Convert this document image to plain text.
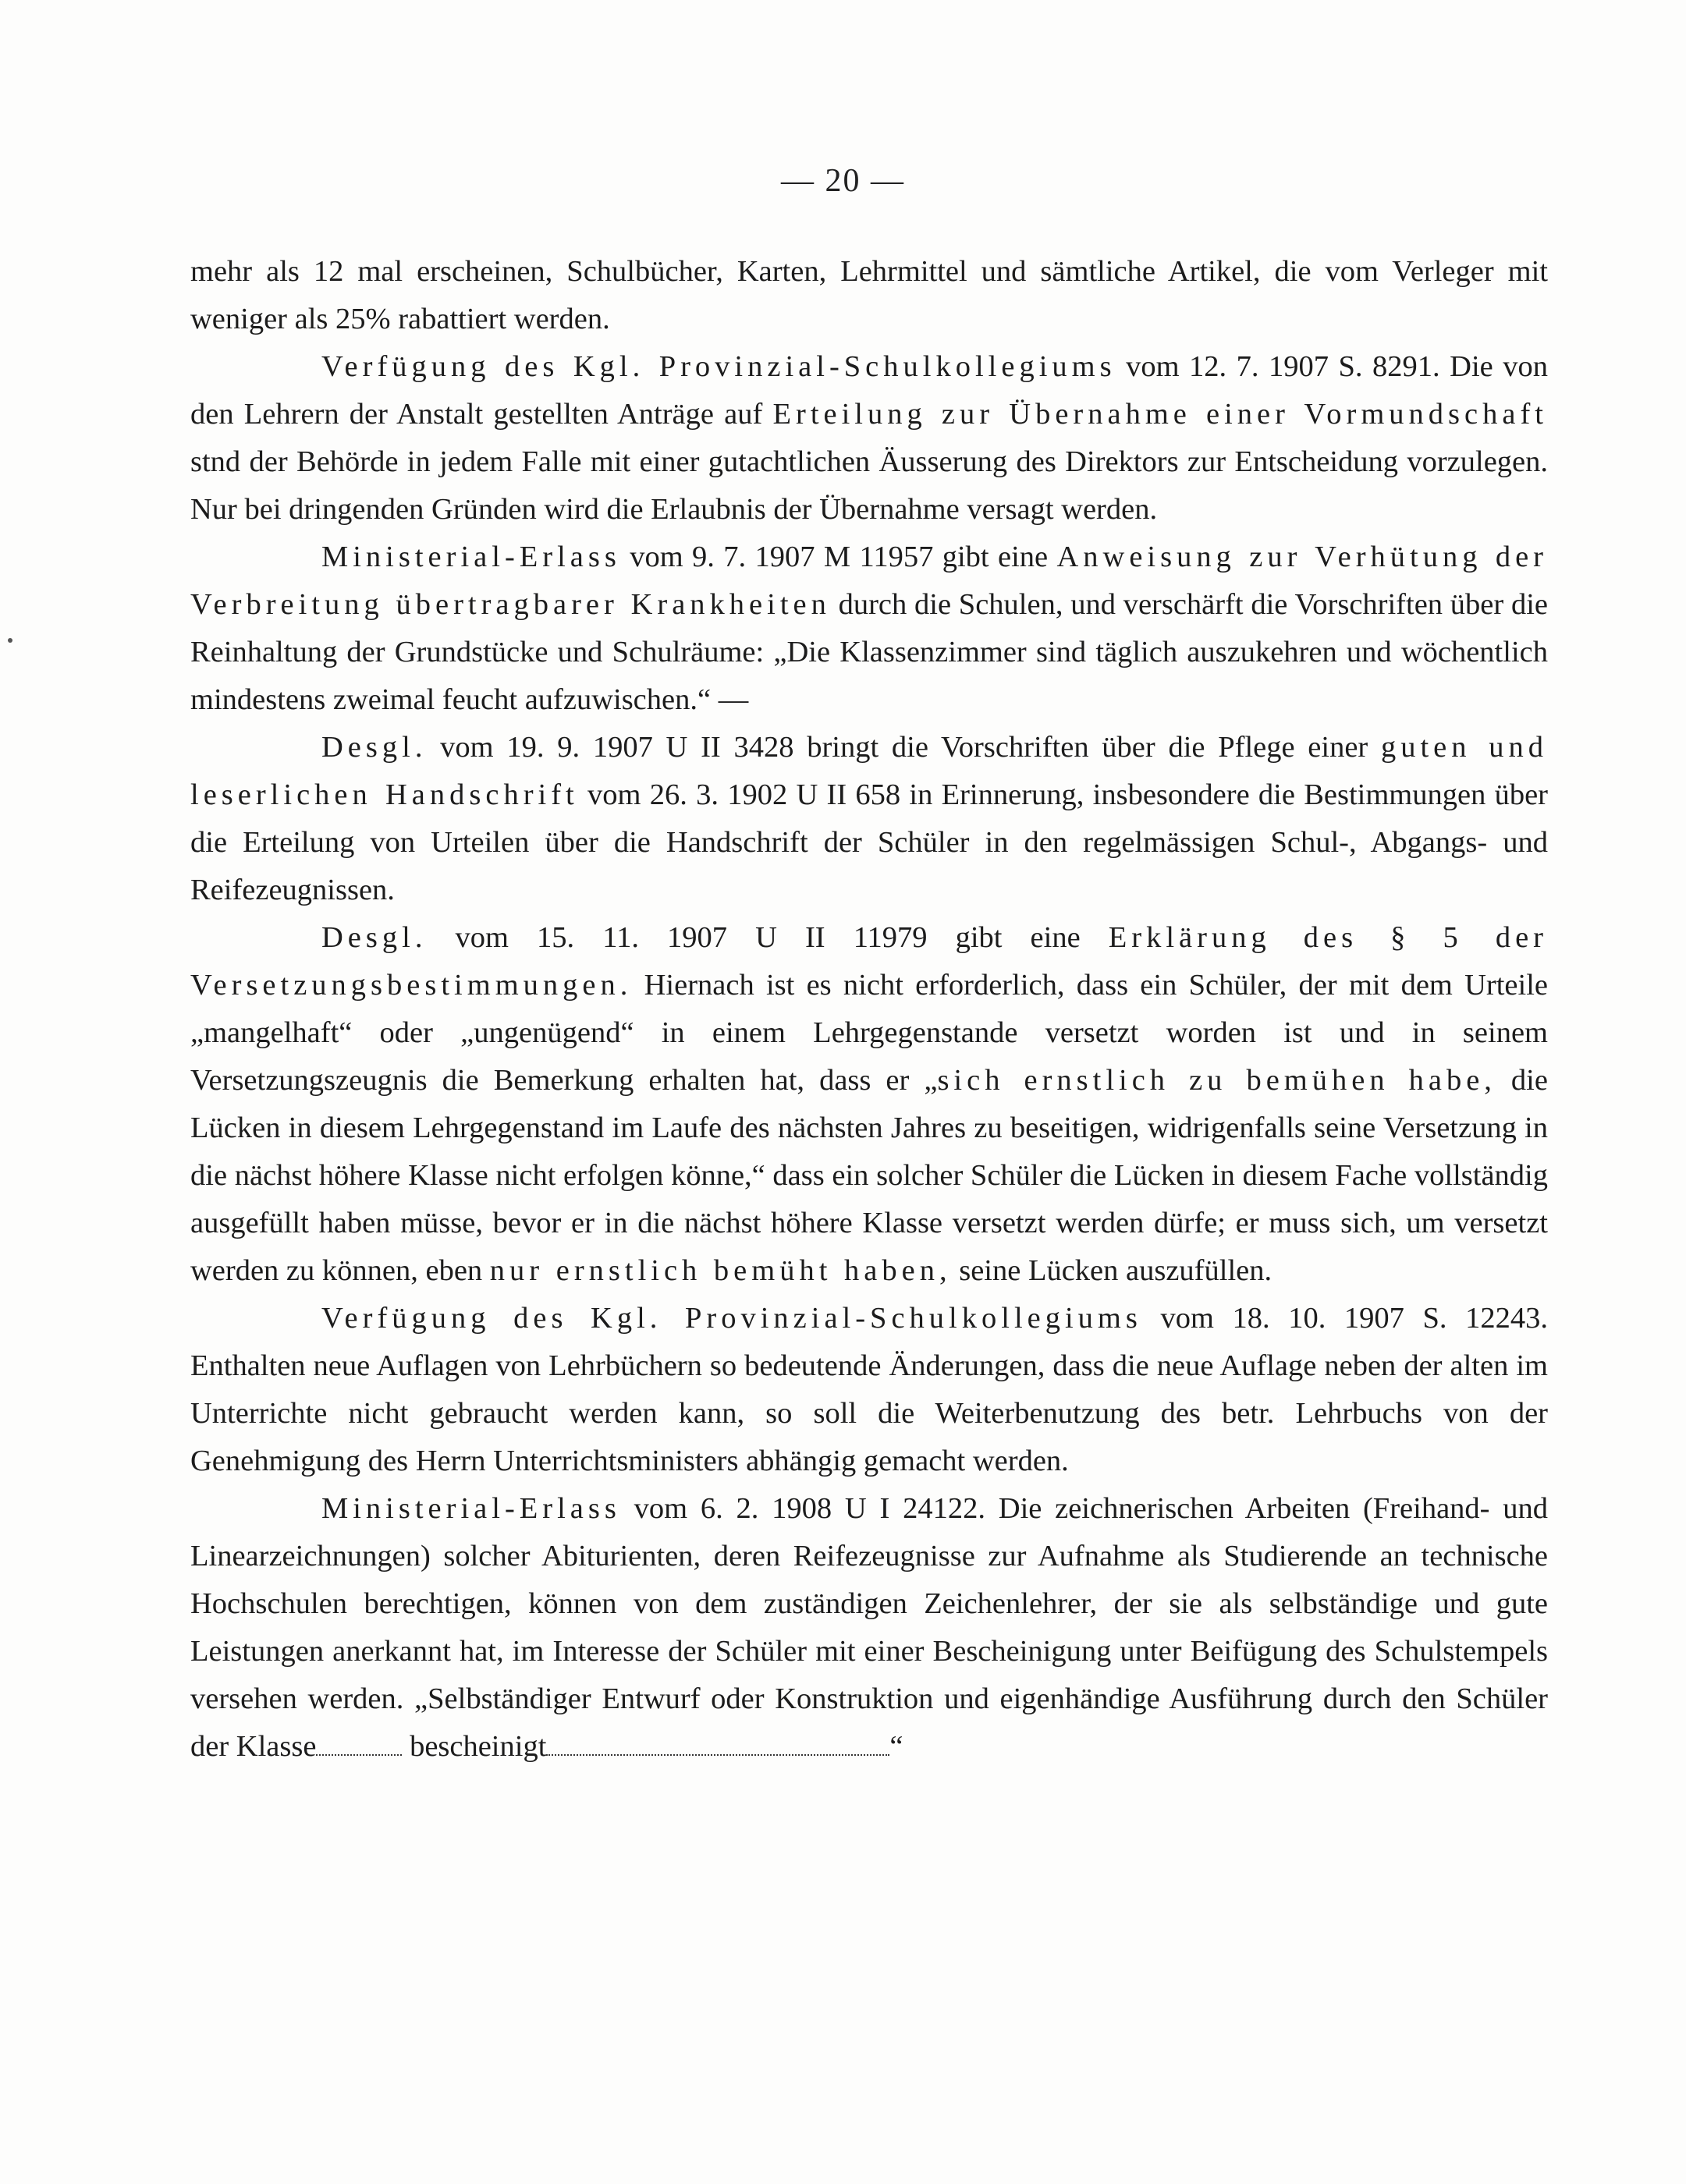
— 20 —

mehr als 12 mal erscheinen, Schulbücher, Karten, Lehrmittel und sämtliche Artikel, die vom Verleger mit weniger als 25% rabattiert werden.

Verfügung des Kgl. Provinzial-Schulkollegiums vom 12. 7. 1907 S. 8291. Die von den Lehrern der Anstalt gestellten Anträge auf Erteilung zur Übernahme einer Vormundschaft stnd der Behörde in jedem Falle mit einer gutachtlichen Äusserung des Direktors zur Entscheidung vorzulegen. Nur bei dringenden Gründen wird die Erlaubnis der Übernahme versagt werden.

Ministerial-Erlass vom 9. 7. 1907 M 11957 gibt eine Anweisung zur Verhütung der Verbreitung übertragbarer Krankheiten durch die Schulen, und verschärft die Vorschriften über die Reinhaltung der Grundstücke und Schulräume: „Die Klassenzimmer sind täglich auszukehren und wöchentlich mindestens zweimal feucht aufzuwischen.“ —

Desgl. vom 19. 9. 1907 U II 3428 bringt die Vorschriften über die Pflege einer guten und leserlichen Handschrift vom 26. 3. 1902 U II 658 in Erinnerung, insbesondere die Bestimmungen über die Erteilung von Urteilen über die Handschrift der Schüler in den regelmässigen Schul-, Abgangs- und Reifezeugnissen.

Desgl. vom 15. 11. 1907 U II 11979 gibt eine Erklärung des § 5 der Versetzungsbestimmungen. Hiernach ist es nicht erforderlich, dass ein Schüler, der mit dem Urteile „mangelhaft“ oder „ungenügend“ in einem Lehrgegenstande versetzt worden ist und in seinem Versetzungszeugnis die Bemerkung erhalten hat, dass er „sich ernstlich zu bemühen habe, die Lücken in diesem Lehrgegenstand im Laufe des nächsten Jahres zu beseitigen, widrigenfalls seine Versetzung in die nächst höhere Klasse nicht erfolgen könne,“ dass ein solcher Schüler die Lücken in diesem Fache vollständig ausgefüllt haben müsse, bevor er in die nächst höhere Klasse versetzt werden dürfe; er muss sich, um versetzt werden zu können, eben nur ernstlich bemüht haben, seine Lücken auszufüllen.

Verfügung des Kgl. Provinzial-Schulkollegiums vom 18. 10. 1907 S. 12243. Enthalten neue Auflagen von Lehrbüchern so bedeutende Änderungen, dass die neue Auflage neben der alten im Unterrichte nicht gebraucht werden kann, so soll die Weiterbenutzung des betr. Lehrbuchs von der Genehmigung des Herrn Unterrichtsministers abhängig gemacht werden.

Ministerial-Erlass vom 6. 2. 1908 U I 24122. Die zeichnerischen Arbeiten (Freihand- und Linearzeichnungen) solcher Abiturienten, deren Reifezeugnisse zur Aufnahme als Studierende an technische Hochschulen berechtigen, können von dem zuständigen Zeichenlehrer, der sie als selbständige und gute Leistungen anerkannt hat, im Interesse der Schüler mit einer Bescheinigung unter Beifügung des Schulstempels versehen werden. „Selbständiger Entwurf oder Konstruktion und eigenhändige Ausführung durch den Schüler der Klasse	bescheinigt	“
